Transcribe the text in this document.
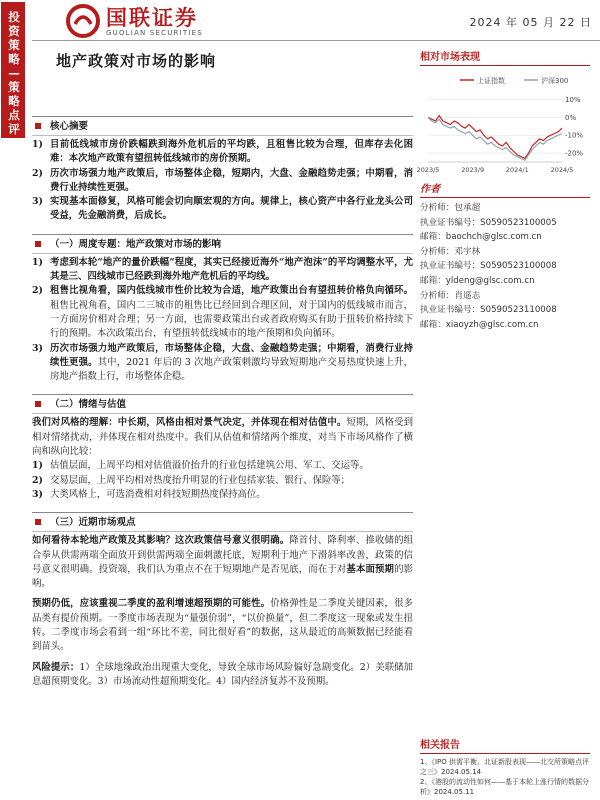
投资策略—策略点评
国联证券
GUOLIAN SECURITIES
2024 年 05 月 22 日
地产政策对市场的影响
核心摘要
1) 目前低线城市房价跌幅跌到海外危机后的平均跌，且租售比较为合理，但库存去化困难：本次地产政策有望扭转低线城市的房价预期。
2) 历次市场强力地产政策后，市场整体企稳，短期内，大盘、金融趋势走强；中期看，消费行业持续性更强。
3) 实现基本面修复，风格可能会切向顺宏观的方向。规律上，核心资产中各行业龙头公司受益，先金融消费，后成长。
（一）周度专题：地产政策对市场的影响
1) 考虑到本轮“地产的量价跌幅”程度，其实已经接近海外“地产泡沫”的平均调整水平，尤其是三、四线城市已经跌到海外地产危机后的平均线。
2) 租售比视角看，国内低线城市性价比较为合适，地产政策出台有望扭转价格负向循环。租售比视角看，国内二三城市的租售比已经回到合理区间，对于国内的低线城市而言，一方面房价相对合理；另一方面，也需要政策出台或者政府购买有助于扭转价格持续下行的预期。本次政策出台，有望扭转低线城市的地产预期和负向循环。
3) 历次市场强力地产政策后，市场整体企稳，大盘、金融趋势走强；中期看，消费行业持续性更强。其中，2021 年后的 3 次地产政策刺激均导致短期地产交易热度快速上升，房地产指数上行，市场整体企稳。
（二）情绪与估值
我们对风格的理解：中长期，风格由相对景气决定，并体现在相对估值中。短期，风格受到相对情绪扰动，并体现在相对热度中。我们从估值和情绪两个维度，对当下市场风格作了横向和纵向比较：
1) 估值层面，上周平均相对估值溢价抬升的行业包括建筑公用、军工、交运等。
2) 交易层面，上周平均相对热度抬升明显的行业包括家装、银行、保险等；
3) 大类风格上，可选消费相对科技短期热度保持高位。
（三）近期市场观点
如何看待本轮地产政策及其影响？这次政策信号意义很明确。降首付、降利率、推收储的组合拳从供需两端全面放开到供需两端全面刺激托底，短期利于地产下滑斜率改善，政策的信号意义很明确。投资端，我们认为重点不在于短期地产是否见底，而在于对基本面预期的影响。
预期仍低，应该重视二季度的盈利增速超预期的可能性。价格弹性是二季度关键因素，很多品类有提价预期。一季度市场表现为“量强价弱”，“以价换量”，但二季度这一现象或发生扭转。二季度市场会看到一组“环比不差，同比很好看”的数据，这从最近的高频数据已经能看到苗头。
风险提示：1）全球地缘政治出现重大变化，导致全球市场风险偏好急剧变化。2）美联储加息超预期变化。3）市场流动性超预期变化。4）国内经济复苏不及预期。
相对市场表现
上证指数	沪深300
10%
0%
-10%
-20%
2023/5	2023/9	2024/1	2024/5
作者
分析师：包承超
执业证书编号：S0590523100005
邮箱：baochch@glsc.com.cn
分析师：邓宇林
执业证书编号：S0590523100008
邮箱：yldeng@glsc.com.cn
分析师：肖遥志
执业证书编号：S0590523110008
邮箱：xiaoyzh@glsc.com.cn
相关报告
1、《IPO 供需平衡，北证新股表现——北交所策略点评之三》2024.05.14
2、《港股的流动性如何——基于本轮上涨行情的数据分析》2024.05.11
